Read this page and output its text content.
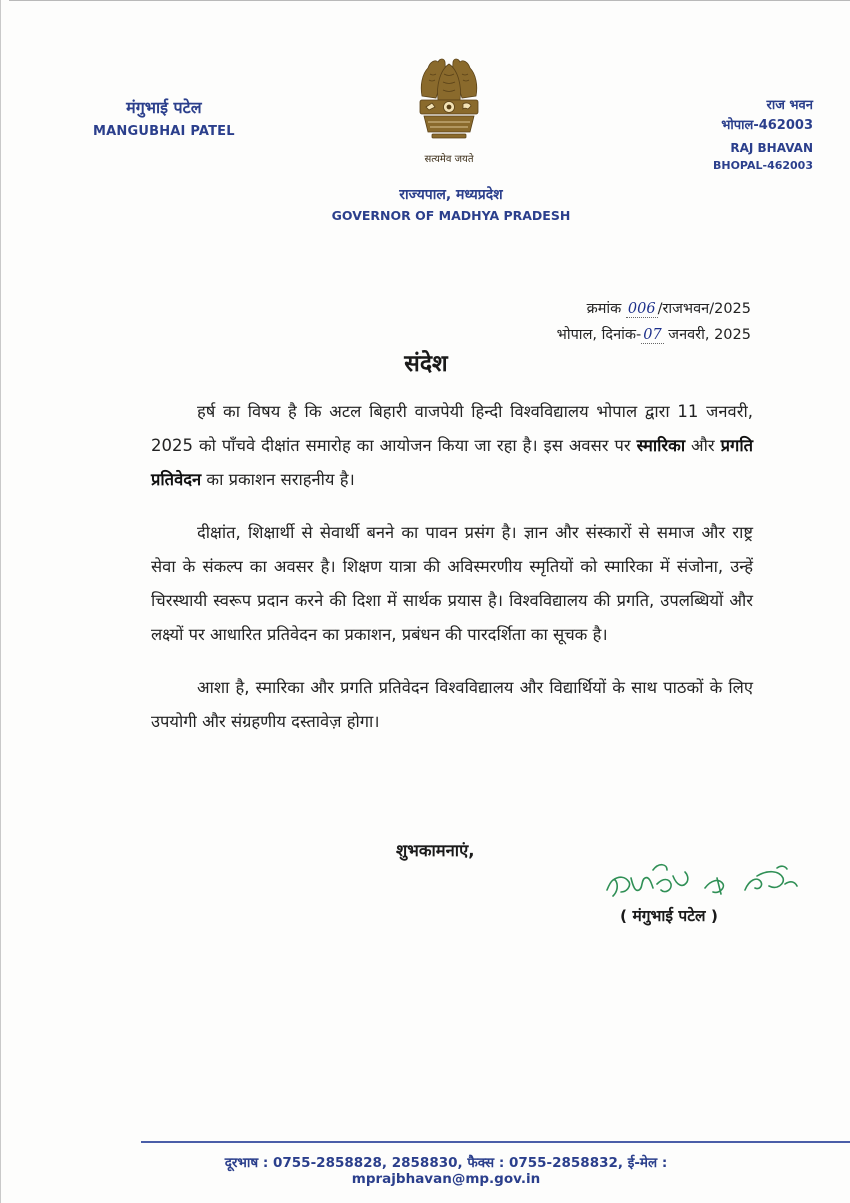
मंगुभाई पटेल
MANGUBHAI PATEL
सत्यमेव जयते
राज्यपाल, मध्यप्रदेश
GOVERNOR OF MADHYA PRADESH
राज भवन
भोपाल-462003
RAJ BHAVAN
BHOPAL-462003
क्रमांक 006 /राजभवन/2025
भोपाल, दिनांक- 07 जनवरी, 2025
संदेश

हर्ष का विषय है कि अटल बिहारी वाजपेयी हिन्दी विश्वविद्यालय भोपाल द्वारा 11 जनवरी, 2025 को पाँचवे दीक्षांत समारोह का आयोजन किया जा रहा है। इस अवसर पर स्मारिका और प्रगति प्रतिवेदन का प्रकाशन सराहनीय है।

दीक्षांत, शिक्षार्थी से सेवार्थी बनने का पावन प्रसंग है। ज्ञान और संस्कारों से समाज और राष्ट्र सेवा के संकल्प का अवसर है। शिक्षण यात्रा की अविस्मरणीय स्मृतियों को स्मारिका में संजोना, उन्हें चिरस्थायी स्वरूप प्रदान करने की दिशा में सार्थक प्रयास है। विश्वविद्यालय की प्रगति, उपलब्धियों और लक्ष्यों पर आधारित प्रतिवेदन का प्रकाशन, प्रबंधन की पारदर्शिता का सूचक है।

आशा है, स्मारिका और प्रगति प्रतिवेदन विश्वविद्यालय और विद्यार्थियों के साथ पाठकों के लिए उपयोगी और संग्रहणीय दस्तावेज़ होगा।

शुभकामनाएं,
( मंगुभाई पटेल )
दूरभाष : 0755-2858828, 2858830, फैक्स : 0755-2858832, ई-मेल : mprajbhavan@mp.gov.in
